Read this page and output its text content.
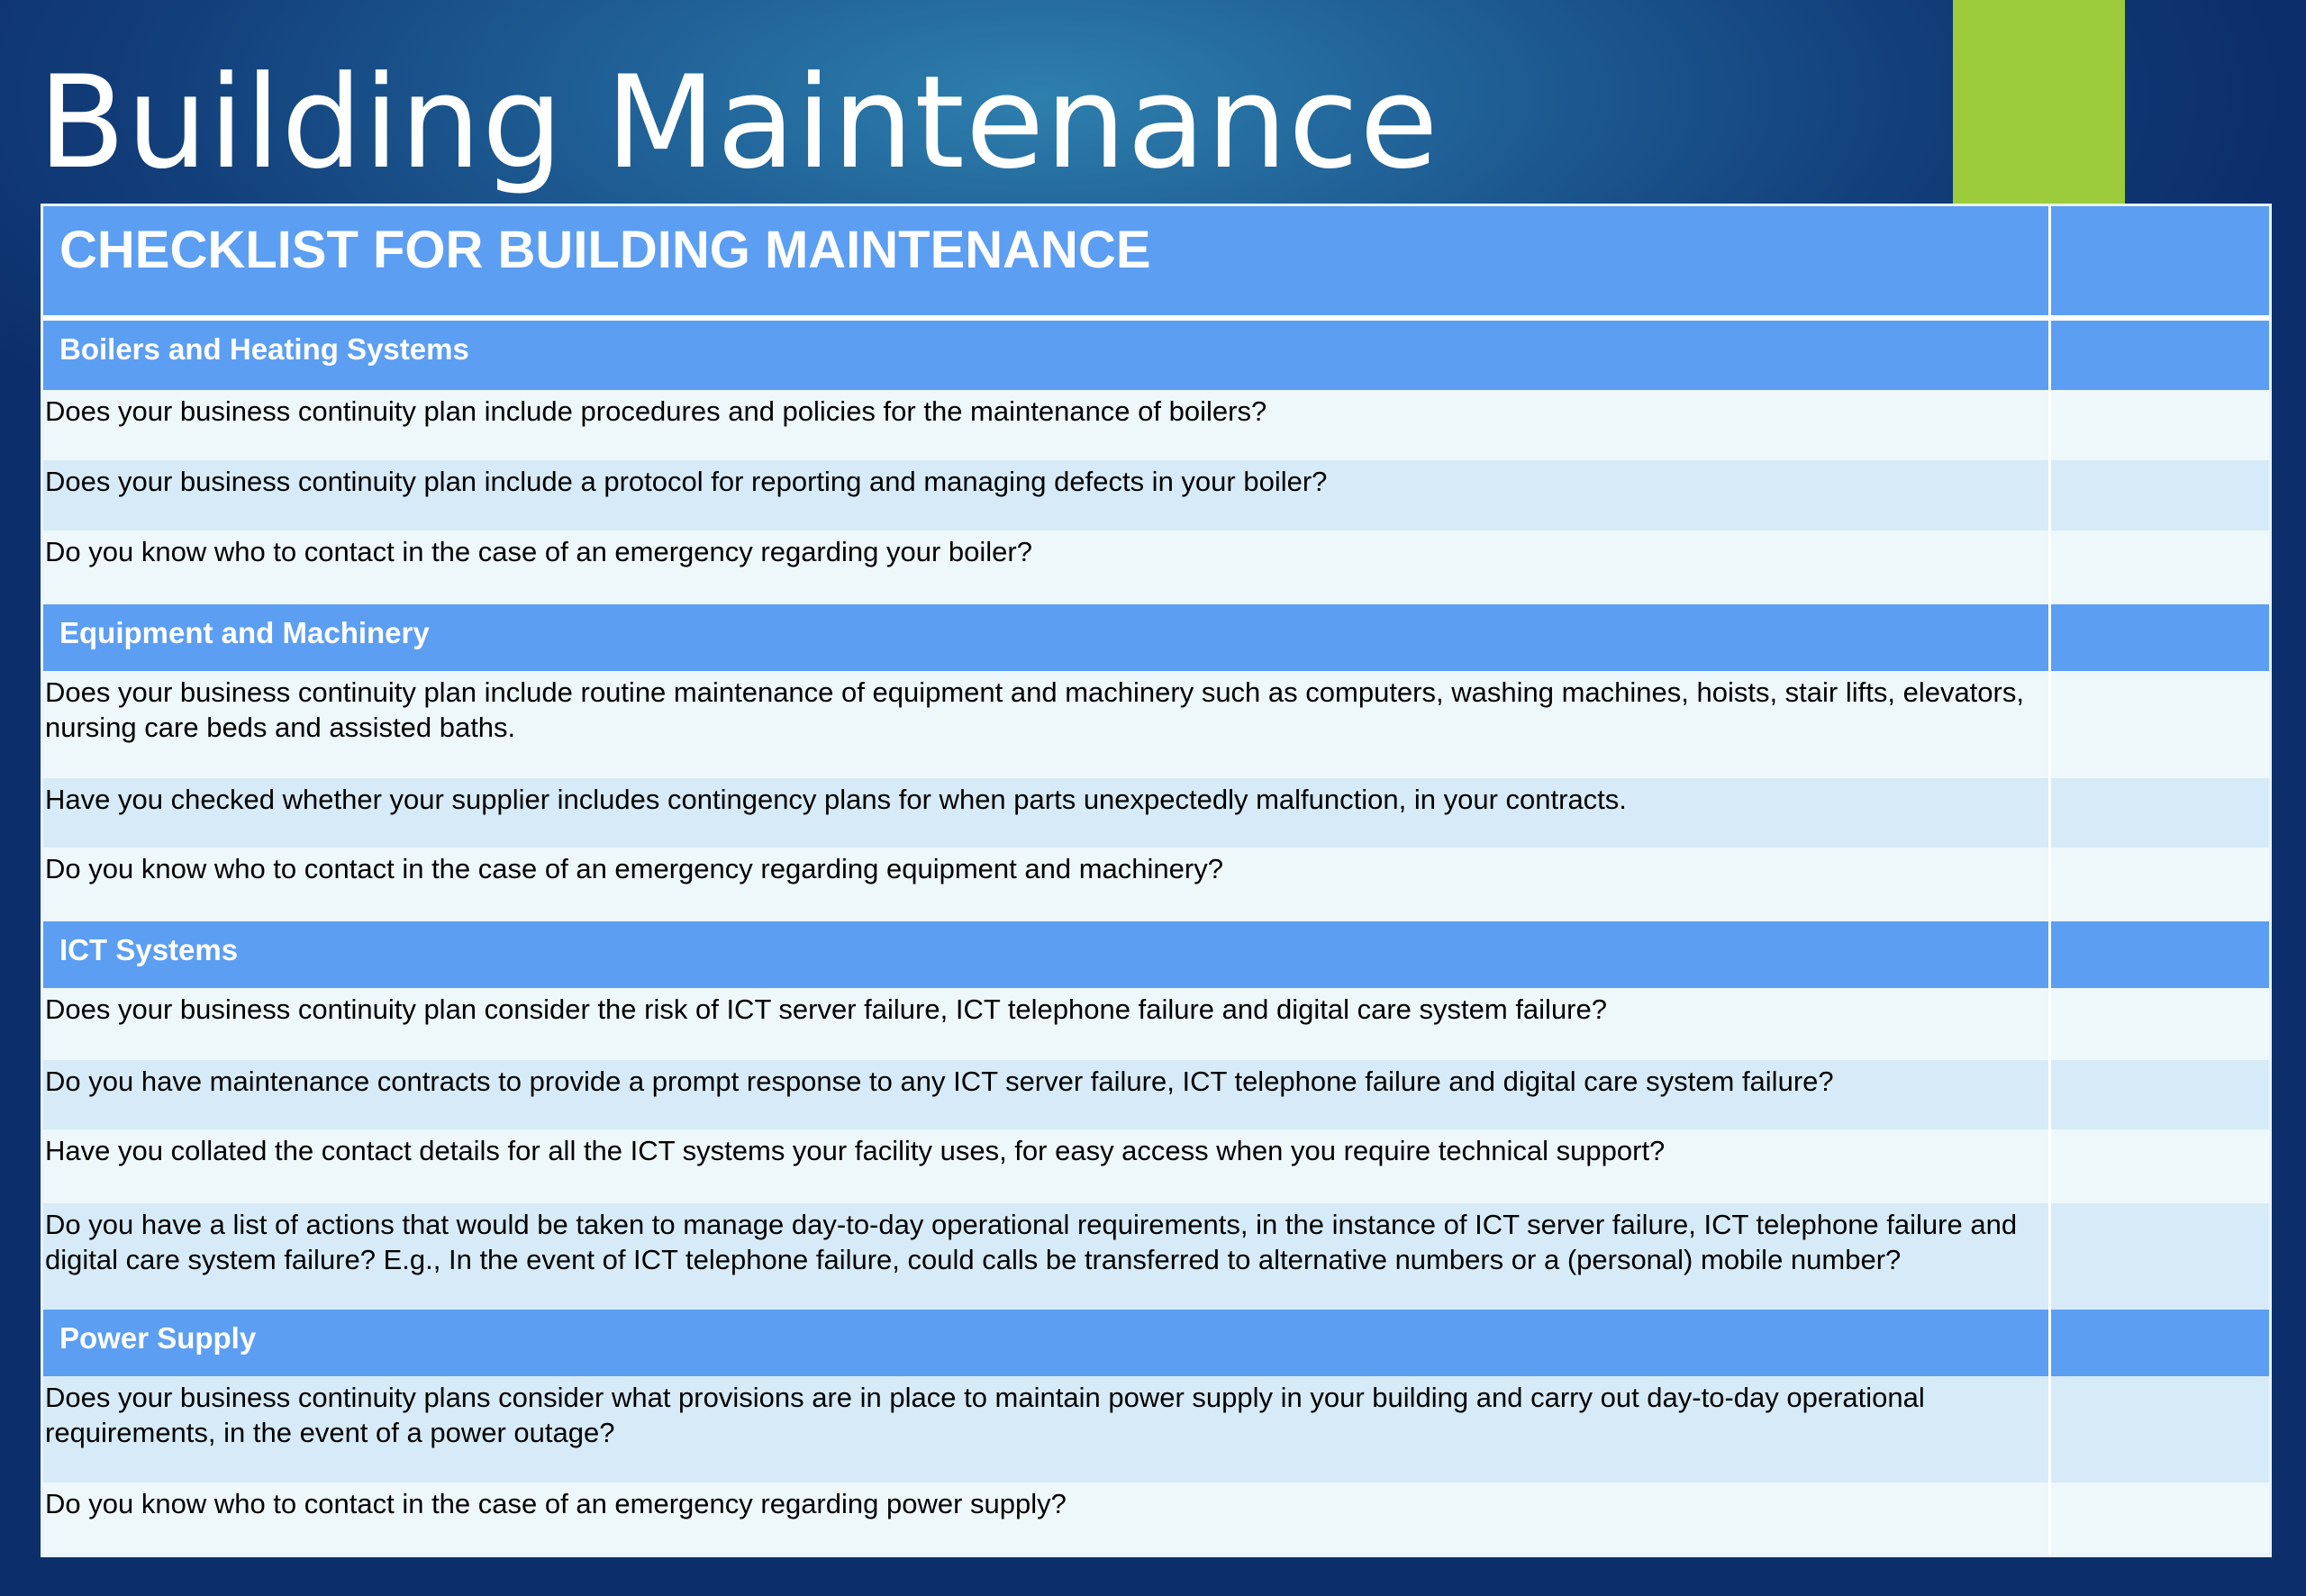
Building Maintenance
CHECKLIST FOR BUILDING MAINTENANCE
Boilers and Heating Systems
Does your business continuity plan include procedures and policies for the maintenance of boilers?
Does your business continuity plan include a protocol for reporting and managing defects in your boiler?
Do you know who to contact in the case of an emergency regarding your boiler?
Equipment and Machinery
Does your business continuity plan include routine maintenance of equipment and machinery such as computers, washing machines, hoists, stair lifts, elevators, nursing care beds and assisted baths.
Have you checked whether your supplier includes contingency plans for when parts unexpectedly malfunction, in your contracts.
Do you know who to contact in the case of an emergency regarding equipment and machinery?
ICT Systems
Does your business continuity plan consider the risk of ICT server failure, ICT telephone failure and digital care system failure?
Do you have maintenance contracts to provide a prompt response to any ICT server failure, ICT telephone failure and digital care system failure?
Have you collated the contact details for all the ICT systems your facility uses, for easy access when you require technical support?
Do you have a list of actions that would be taken to manage day-to-day operational requirements, in the instance of ICT server failure, ICT telephone failure and digital care system failure? E.g., In the event of ICT telephone failure, could calls be transferred to alternative numbers or a (personal) mobile number?
Power Supply
Does your business continuity plans consider what provisions are in place to maintain power supply in your building and carry out day-to-day operational requirements, in the event of a power outage?
Do you know who to contact in the case of an emergency regarding power supply?
